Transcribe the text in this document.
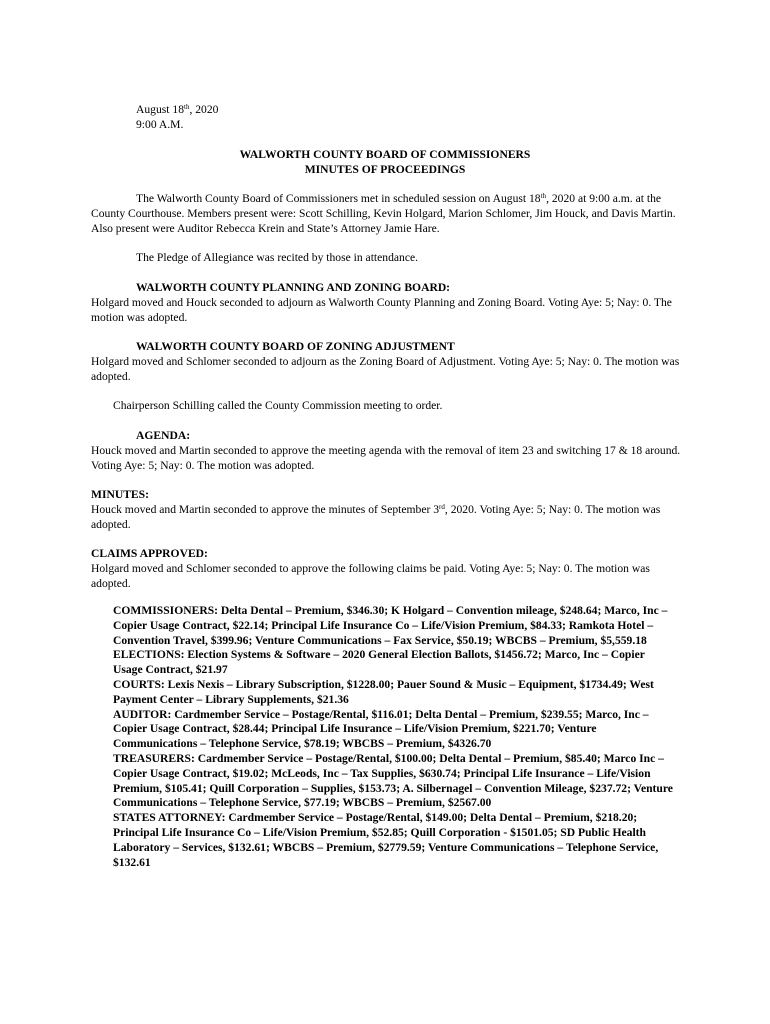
August 18th, 2020

9:00 A.M.

WALWORTH COUNTY BOARD OF COMMISSIONERS

MINUTES OF PROCEEDINGS

The Walworth County Board of Commissioners met in scheduled session on August 18th, 2020 at 9:00 a.m. at the County Courthouse. Members present were: Scott Schilling, Kevin Holgard, Marion Schlomer, Jim Houck, and Davis Martin. Also present were Auditor Rebecca Krein and State’s Attorney Jamie Hare.

The Pledge of Allegiance was recited by those in attendance.

WALWORTH COUNTY PLANNING AND ZONING BOARD:

Holgard moved and Houck seconded to adjourn as Walworth County Planning and Zoning Board. Voting Aye: 5; Nay: 0. The motion was adopted.

WALWORTH COUNTY BOARD OF ZONING ADJUSTMENT

Holgard moved and Schlomer seconded to adjourn as the Zoning Board of Adjustment. Voting Aye: 5; Nay: 0. The motion was adopted.

Chairperson Schilling called the County Commission meeting to order.

AGENDA:

Houck moved and Martin seconded to approve the meeting agenda with the removal of item 23 and switching 17 & 18 around. Voting Aye: 5; Nay: 0. The motion was adopted.

MINUTES:

Houck moved and Martin seconded to approve the minutes of September 3rd, 2020. Voting Aye: 5; Nay: 0. The motion was adopted.

CLAIMS APPROVED:

Holgard moved and Schlomer seconded to approve the following claims be paid. Voting Aye: 5; Nay: 0. The motion was adopted.

COMMISSIONERS: Delta Dental – Premium, $346.30; K Holgard – Convention mileage, $248.64; Marco, Inc – Copier Usage Contract, $22.14; Principal Life Insurance Co – Life/Vision Premium, $84.33; Ramkota Hotel – Convention Travel, $399.96; Venture Communications – Fax Service, $50.19; WBCBS – Premium, $5,559.18

ELECTIONS: Election Systems & Software – 2020 General Election Ballots, $1456.72; Marco, Inc – Copier Usage Contract, $21.97

COURTS: Lexis Nexis – Library Subscription, $1228.00; Pauer Sound & Music – Equipment, $1734.49; West Payment Center – Library Supplements, $21.36

AUDITOR: Cardmember Service – Postage/Rental, $116.01; Delta Dental – Premium, $239.55; Marco, Inc – Copier Usage Contract, $28.44; Principal Life Insurance – Life/Vision Premium, $221.70; Venture Communications – Telephone Service, $78.19; WBCBS – Premium, $4326.70

TREASURERS: Cardmember Service – Postage/Rental, $100.00; Delta Dental – Premium, $85.40; Marco Inc – Copier Usage Contract, $19.02; McLeods, Inc – Tax Supplies, $630.74; Principal Life Insurance – Life/Vision Premium, $105.41; Quill Corporation – Supplies, $153.73; A. Silbernagel – Convention Mileage, $237.72; Venture Communications – Telephone Service, $77.19; WBCBS – Premium, $2567.00

STATES ATTORNEY: Cardmember Service – Postage/Rental, $149.00; Delta Dental – Premium, $218.20; Principal Life Insurance Co – Life/Vision Premium, $52.85; Quill Corporation - $1501.05; SD Public Health Laboratory – Services, $132.61; WBCBS – Premium, $2779.59; Venture Communications – Telephone Service, $132.61
